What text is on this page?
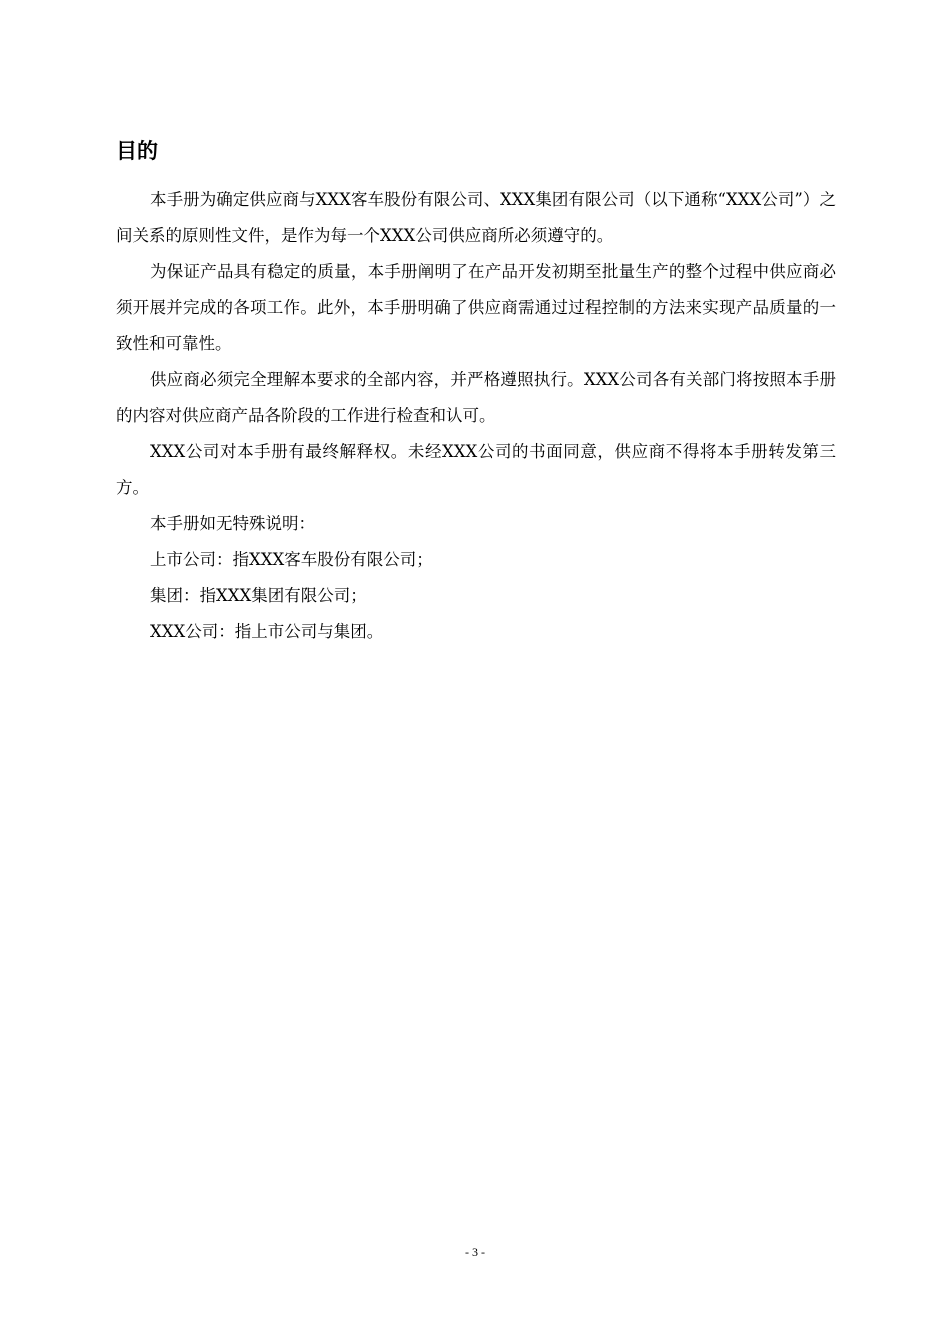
目的

本手册为确定供应商与XXX客车股份有限公司、XXX集团有限公司（以下通称“XXX公司”）之间关系的原则性文件，是作为每一个XXX公司供应商所必须遵守的。

为保证产品具有稳定的质量，本手册阐明了在产品开发初期至批量生产的整个过程中供应商必须开展并完成的各项工作。此外，本手册明确了供应商需通过过程控制的方法来实现产品质量的一致性和可靠性。

供应商必须完全理解本要求的全部内容，并严格遵照执行。XXX公司各有关部门将按照本手册的内容对供应商产品各阶段的工作进行检查和认可。

XXX公司对本手册有最终解释权。未经XXX公司的书面同意，供应商不得将本手册转发第三方。

本手册如无特殊说明：

上市公司：指XXX客车股份有限公司；

集团：指XXX集团有限公司；

XXX公司：指上市公司与集团。

- 3 -
